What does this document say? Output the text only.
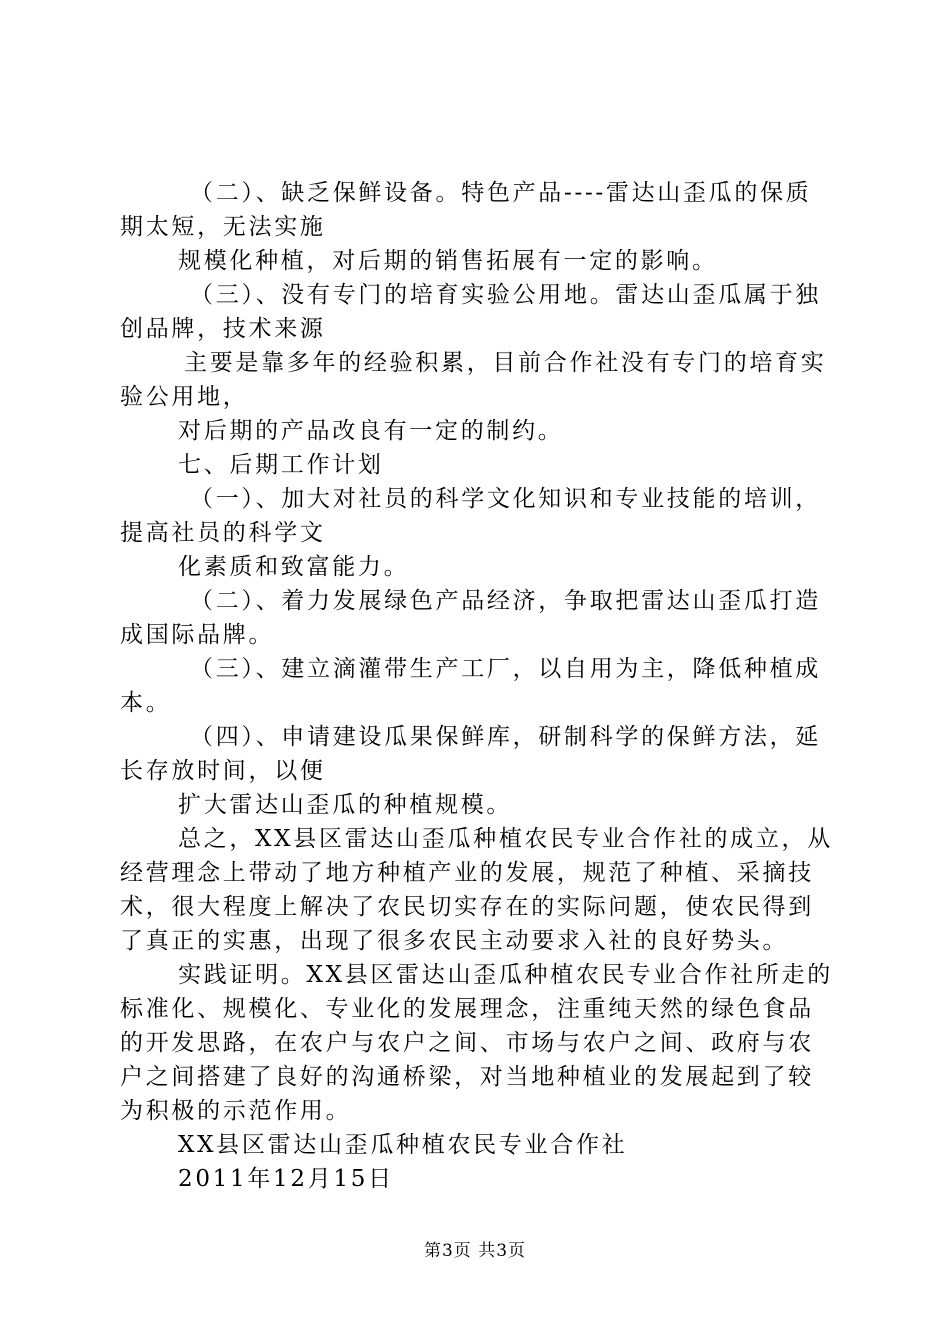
（二）、缺乏保鲜设备。特色产品----雷达山歪瓜的保质
期太短，无法实施
规模化种植，对后期的销售拓展有一定的影响。
（三）、没有专门的培育实验公用地。雷达山歪瓜属于独
创品牌，技术来源
主要是靠多年的经验积累，目前合作社没有专门的培育实
验公用地，
对后期的产品改良有一定的制约。
七、后期工作计划
（一）、加大对社员的科学文化知识和专业技能的培训，
提高社员的科学文
化素质和致富能力。
（二）、着力发展绿色产品经济，争取把雷达山歪瓜打造
成国际品牌。
（三）、建立滴灌带生产工厂，以自用为主，降低种植成
本。
（四）、申请建设瓜果保鲜库，研制科学的保鲜方法，延
长存放时间，以便
扩大雷达山歪瓜的种植规模。
总之，XX县区雷达山歪瓜种植农民专业合作社的成立，从
经营理念上带动了地方种植产业的发展，规范了种植、采摘技
术，很大程度上解决了农民切实存在的实际问题，使农民得到
了真正的实惠，出现了很多农民主动要求入社的良好势头。
实践证明。XX县区雷达山歪瓜种植农民专业合作社所走的
标准化、规模化、专业化的发展理念，注重纯天然的绿色食品
的开发思路，在农户与农户之间、市场与农户之间、政府与农
户之间搭建了良好的沟通桥梁，对当地种植业的发展起到了较
为积极的示范作用。
XX县区雷达山歪瓜种植农民专业合作社
2011年12月15日
第3页 共3页
